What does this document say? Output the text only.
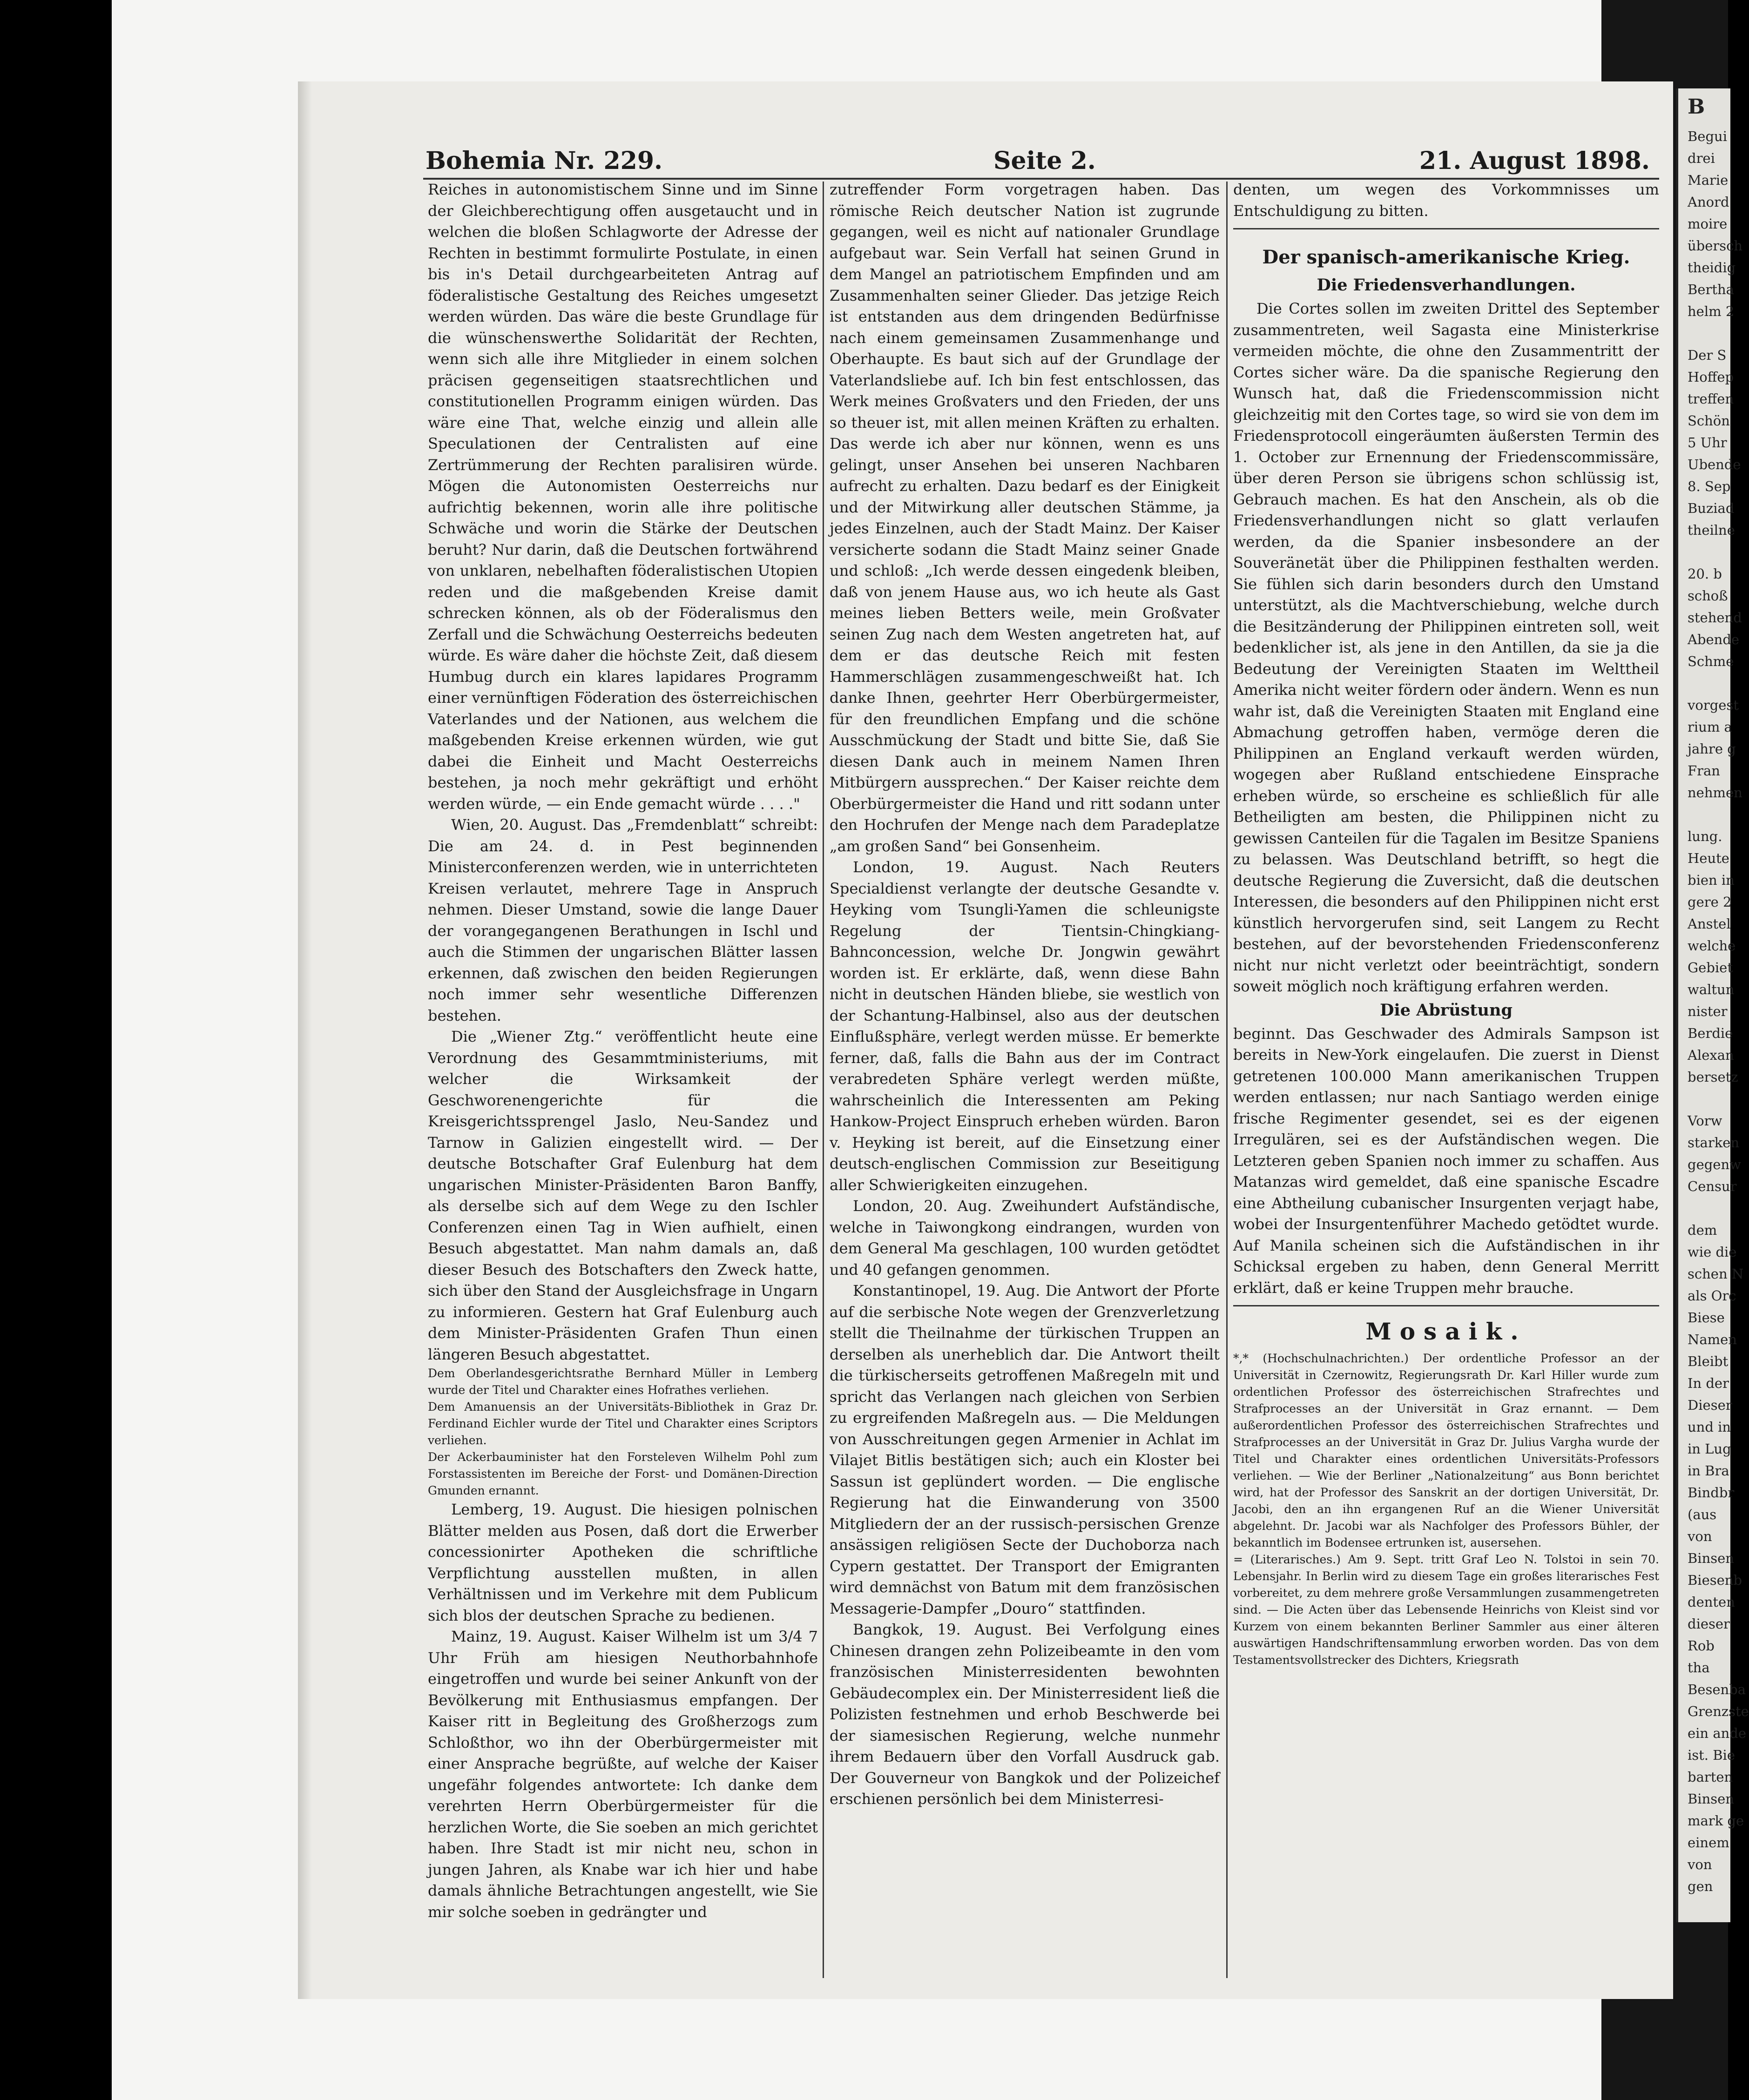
B
Begui
drei
Marie
Anord
moire
übersch
theidig
Bertha
helm 2
Der S
Hoffep
treffen
Schön
5 Uhr
Ubende
8. Sep
Buziad
theilne
20. b
schoß
stehend
Abende
Schme
vorgest
rium a
jahre g
Fran
nehmen
lung.
Heute
bien in
gere 2
Anstel
welche
Gebiet
waltun
nister
Berdie
Alexan
bersetz
Vorw
starken
gegenw
Censur
dem
wie die
schen N
als Orc
Biese
Namen
Bleibt
In der
Dieser
und in
in Lug
in Bra
Bindbr
(aus
von
Binsen
Biesenb
denten
dieser
Rob
tha
Besenba
Grenzste
ein ande
ist. Bie
barten
Binsen
mark ge
einem
von
gen
Bohemia Nr. 229.	Seite 2.	21. August 1898.

Reiches in autonomistischem Sinne und im Sinne der Gleichberechtigung offen ausgetaucht und in welchen die bloßen Schlagworte der Adresse der Rechten in bestimmt formulirte Postulate, in einen bis in's Detail durchgearbeiteten Antrag auf föderalistische Gestaltung des Reiches umgesetzt werden würden. Das wäre die beste Grundlage für die wünschenswerthe Solidarität der Rechten, wenn sich alle ihre Mitglieder in einem solchen präcisen gegenseitigen staatsrechtlichen und constitutionellen Programm einigen würden. Das wäre eine That, welche einzig und allein alle Speculationen der Centralisten auf eine Zertrümmerung der Rechten paralisiren würde. Mögen die Autonomisten Oesterreichs nur aufrichtig bekennen, worin alle ihre politische Schwäche und worin die Stärke der Deutschen beruht? Nur darin, daß die Deutschen fortwährend von unklaren, nebelhaften föderalistischen Utopien reden und die maßgebenden Kreise damit schrecken können, als ob der Föderalismus den Zerfall und die Schwächung Oesterreichs bedeuten würde. Es wäre daher die höchste Zeit, daß diesem Humbug durch ein klares lapidares Programm einer vernünftigen Föderation des österreichischen Vaterlandes und der Nationen, aus welchem die maßgebenden Kreise erkennen würden, wie gut dabei die Einheit und Macht Oesterreichs bestehen, ja noch mehr gekräftigt und erhöht werden würde, — ein Ende gemacht würde . . . ."

Wien, 20. August. Das „Fremdenblatt“ schreibt: Die am 24. d. in Pest beginnenden Ministerconferenzen werden, wie in unterrichteten Kreisen verlautet, mehrere Tage in Anspruch nehmen. Dieser Umstand, sowie die lange Dauer der vorangegangenen Berathungen in Ischl und auch die Stimmen der ungarischen Blätter lassen erkennen, daß zwischen den beiden Regierungen noch immer sehr wesentliche Differenzen bestehen.

Die „Wiener Ztg.“ veröffentlicht heute eine Verordnung des Gesammtministeriums, mit welcher die Wirksamkeit der Geschworenengerichte für die Kreisgerichtssprengel Jaslo, Neu-Sandez und Tarnow in Galizien eingestellt wird. — Der deutsche Botschafter Graf Eulenburg hat dem ungarischen Minister-Präsidenten Baron Banffy, als derselbe sich auf dem Wege zu den Ischler Conferenzen einen Tag in Wien aufhielt, einen Besuch abgestattet. Man nahm damals an, daß dieser Besuch des Botschafters den Zweck hatte, sich über den Stand der Ausgleichsfrage in Ungarn zu informieren. Gestern hat Graf Eulenburg auch dem Minister-Präsidenten Grafen Thun einen längeren Besuch abgestattet.

Dem Oberlandesgerichtsrathe Bernhard Müller in Lemberg wurde der Titel und Charakter eines Hofrathes verliehen.

Dem Amanuensis an der Universitäts-Bibliothek in Graz Dr. Ferdinand Eichler wurde der Titel und Charakter eines Scriptors verliehen.

Der Ackerbauminister hat den Forsteleven Wilhelm Pohl zum Forstassistenten im Bereiche der Forst- und Domänen-Direction Gmunden ernannt.

Lemberg, 19. August. Die hiesigen polnischen Blätter melden aus Posen, daß dort die Erwerber concessionirter Apotheken die schriftliche Verpflichtung ausstellen mußten, in allen Verhältnissen und im Verkehre mit dem Publicum sich blos der deutschen Sprache zu bedienen.

Mainz, 19. August. Kaiser Wilhelm ist um 3/4 7 Uhr Früh am hiesigen Neuthorbahnhofe eingetroffen und wurde bei seiner Ankunft von der Bevölkerung mit Enthusiasmus empfangen. Der Kaiser ritt in Begleitung des Großherzogs zum Schloßthor, wo ihn der Oberbürgermeister mit einer Ansprache begrüßte, auf welche der Kaiser ungefähr folgendes antwortete: Ich danke dem verehrten Herrn Oberbürgermeister für die herzlichen Worte, die Sie soeben an mich gerichtet haben. Ihre Stadt ist mir nicht neu, schon in jungen Jahren, als Knabe war ich hier und habe damals ähnliche Betrachtungen angestellt, wie Sie mir solche soeben in gedrängter und

zutreffender Form vorgetragen haben. Das römische Reich deutscher Nation ist zugrunde gegangen, weil es nicht auf nationaler Grundlage aufgebaut war. Sein Verfall hat seinen Grund in dem Mangel an patriotischem Empfinden und am Zusammenhalten seiner Glieder. Das jetzige Reich ist entstanden aus dem dringenden Bedürfnisse nach einem gemeinsamen Zusammenhange und Oberhaupte. Es baut sich auf der Grundlage der Vaterlandsliebe auf. Ich bin fest entschlossen, das Werk meines Großvaters und den Frieden, der uns so theuer ist, mit allen meinen Kräften zu erhalten. Das werde ich aber nur können, wenn es uns gelingt, unser Ansehen bei unseren Nachbaren aufrecht zu erhalten. Dazu bedarf es der Einigkeit und der Mitwirkung aller deutschen Stämme, ja jedes Einzelnen, auch der Stadt Mainz. Der Kaiser versicherte sodann die Stadt Mainz seiner Gnade und schloß: „Ich werde dessen eingedenk bleiben, daß von jenem Hause aus, wo ich heute als Gast meines lieben Betters weile, mein Großvater seinen Zug nach dem Westen angetreten hat, auf dem er das deutsche Reich mit festen Hammerschlägen zusammengeschweißt hat. Ich danke Ihnen, geehrter Herr Oberbürgermeister, für den freundlichen Empfang und die schöne Ausschmückung der Stadt und bitte Sie, daß Sie diesen Dank auch in meinem Namen Ihren Mitbürgern aussprechen.“ Der Kaiser reichte dem Oberbürgermeister die Hand und ritt sodann unter den Hochrufen der Menge nach dem Paradeplatze „am großen Sand“ bei Gonsenheim.

London, 19. August. Nach Reuters Specialdienst verlangte der deutsche Gesandte v. Heyking vom Tsungli-Yamen die schleunigste Regelung der Tientsin-Chingkiang-Bahnconcession, welche Dr. Jongwin gewährt worden ist. Er erklärte, daß, wenn diese Bahn nicht in deutschen Händen bliebe, sie westlich von der Schantung-Halbinsel, also aus der deutschen Einflußsphäre, verlegt werden müsse. Er bemerkte ferner, daß, falls die Bahn aus der im Contract verabredeten Sphäre verlegt werden müßte, wahrscheinlich die Interessenten am Peking Hankow-Project Einspruch erheben würden. Baron v. Heyking ist bereit, auf die Einsetzung einer deutsch-englischen Commission zur Beseitigung aller Schwierigkeiten einzugehen.

London, 20. Aug. Zweihundert Aufständische, welche in Taiwongkong eindrangen, wurden von dem General Ma geschlagen, 100 wurden getödtet und 40 gefangen genommen.

Konstantinopel, 19. Aug. Die Antwort der Pforte auf die serbische Note wegen der Grenzverletzung stellt die Theilnahme der türkischen Truppen an derselben als unerheblich dar. Die Antwort theilt die türkischerseits getroffenen Maßregeln mit und spricht das Verlangen nach gleichen von Serbien zu ergreifenden Maßregeln aus. — Die Meldungen von Ausschreitungen gegen Armenier in Achlat im Vilajet Bitlis bestätigen sich; auch ein Kloster bei Sassun ist geplündert worden. — Die englische Regierung hat die Einwanderung von 3500 Mitgliedern der an der russisch-persischen Grenze ansässigen religiösen Secte der Duchoborza nach Cypern gestattet. Der Transport der Emigranten wird demnächst von Batum mit dem französischen Messagerie-Dampfer „Douro“ stattfinden.

Bangkok, 19. August. Bei Verfolgung eines Chinesen drangen zehn Polizeibeamte in den vom französischen Ministerresidenten bewohnten Gebäudecomplex ein. Der Ministerresident ließ die Polizisten festnehmen und erhob Beschwerde bei der siamesischen Regierung, welche nunmehr ihrem Bedauern über den Vorfall Ausdruck gab. Der Gouverneur von Bangkok und der Polizeichef erschienen persönlich bei dem Ministerresi-

denten, um wegen des Vorkommnisses um Entschuldigung zu bitten.

Der spanisch-amerikanische Krieg.
Die Friedensverhandlungen.

Die Cortes sollen im zweiten Drittel des September zusammentreten, weil Sagasta eine Ministerkrise vermeiden möchte, die ohne den Zusammentritt der Cortes sicher wäre. Da die spanische Regierung den Wunsch hat, daß die Friedenscommission nicht gleichzeitig mit den Cortes tage, so wird sie von dem im Friedensprotocoll eingeräumten äußersten Termin des 1. October zur Ernennung der Friedenscommissäre, über deren Person sie übrigens schon schlüssig ist, Gebrauch machen. Es hat den Anschein, als ob die Friedensverhandlungen nicht so glatt verlaufen werden, da die Spanier insbesondere an der Souveränetät über die Philippinen festhalten werden. Sie fühlen sich darin besonders durch den Umstand unterstützt, als die Machtverschiebung, welche durch die Besitzänderung der Philippinen eintreten soll, weit bedenklicher ist, als jene in den Antillen, da sie ja die Bedeutung der Vereinigten Staaten im Welttheil Amerika nicht weiter fördern oder ändern. Wenn es nun wahr ist, daß die Vereinigten Staaten mit England eine Abmachung getroffen haben, vermöge deren die Philippinen an England verkauft werden würden, wogegen aber Rußland entschiedene Einsprache erheben würde, so erscheine es schließlich für alle Betheiligten am besten, die Philippinen nicht zu gewissen Canteilen für die Tagalen im Besitze Spaniens zu belassen. Was Deutschland betrifft, so hegt die deutsche Regierung die Zuversicht, daß die deutschen Interessen, die besonders auf den Philippinen nicht erst künstlich hervorgerufen sind, seit Langem zu Recht bestehen, auf der bevorstehenden Friedensconferenz nicht nur nicht verletzt oder beeinträchtigt, sondern soweit möglich noch kräftigung erfahren werden.

Die Abrüstung

beginnt. Das Geschwader des Admirals Sampson ist bereits in New-York eingelaufen. Die zuerst in Dienst getretenen 100.000 Mann amerikanischen Truppen werden entlassen; nur nach Santiago werden einige frische Regimenter gesendet, sei es der eigenen Irregulären, sei es der Aufständischen wegen. Die Letzteren geben Spanien noch immer zu schaffen. Aus Matanzas wird gemeldet, daß eine spanische Escadre eine Abtheilung cubanischer Insurgenten verjagt habe, wobei der Insurgentenführer Machedo getödtet wurde. Auf Manila scheinen sich die Aufständischen in ihr Schicksal ergeben zu haben, denn General Merritt erklärt, daß er keine Truppen mehr brauche.

Mosaik.

*,* (Hochschulnachrichten.) Der ordentliche Professor an der Universität in Czernowitz, Regierungsrath Dr. Karl Hiller wurde zum ordentlichen Professor des österreichischen Strafrechtes und Strafprocesses an der Universität in Graz ernannt. — Dem außerordentlichen Professor des österreichischen Strafrechtes und Strafprocesses an der Universität in Graz Dr. Julius Vargha wurde der Titel und Charakter eines ordentlichen Universitäts-Professors verliehen. — Wie der Berliner „Nationalzeitung“ aus Bonn berichtet wird, hat der Professor des Sanskrit an der dortigen Universität, Dr. Jacobi, den an ihn ergangenen Ruf an die Wiener Universität abgelehnt. Dr. Jacobi war als Nachfolger des Professors Bühler, der bekanntlich im Bodensee ertrunken ist, ausersehen.

= (Literarisches.) Am 9. Sept. tritt Graf Leo N. Tolstoi in sein 70. Lebensjahr. In Berlin wird zu diesem Tage ein großes literarisches Fest vorbereitet, zu dem mehrere große Versammlungen zusammengetreten sind. — Die Acten über das Lebensende Heinrichs von Kleist sind vor Kurzem von einem bekannten Berliner Sammler aus einer älteren auswärtigen Handschriftensammlung erworben worden. Das von dem Testamentsvollstrecker des Dichters, Kriegsrath
